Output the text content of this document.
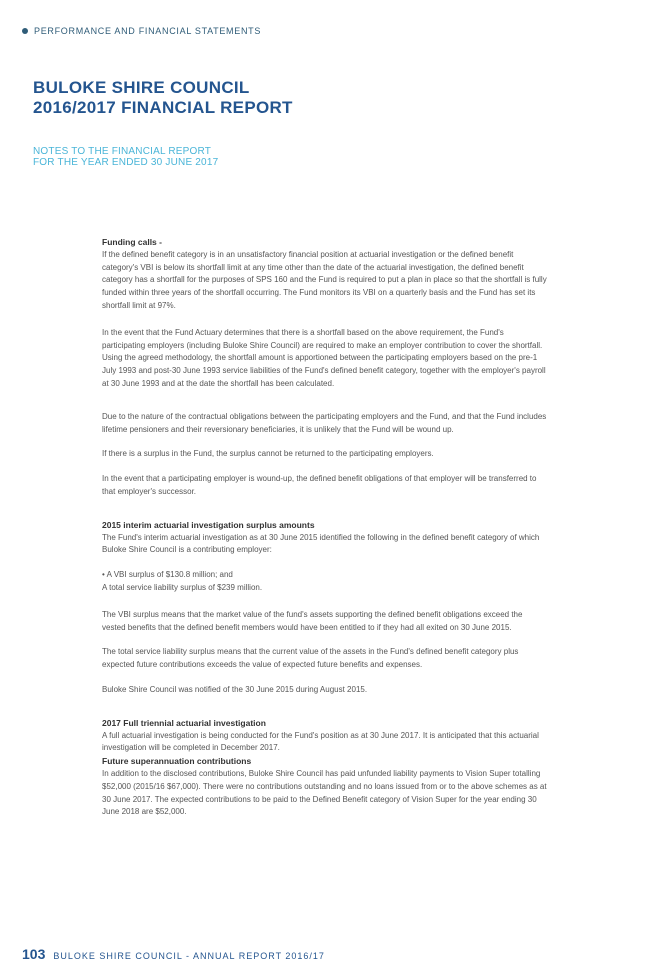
PERFORMANCE AND FINANCIAL STATEMENTS
BULOKE SHIRE COUNCIL
2016/2017 FINANCIAL REPORT
NOTES TO THE FINANCIAL REPORT
FOR THE YEAR ENDED 30 JUNE 2017
Funding calls -

If the defined benefit category is in an unsatisfactory financial position at actuarial investigation or the defined benefit category's VBI is below its shortfall limit at any time other than the date of the actuarial investigation, the defined benefit category has a shortfall for the purposes of SPS 160 and the Fund is required to put a plan in place so that the shortfall is fully funded within three years of the shortfall occurring. The Fund monitors its VBI on a quarterly basis and the Fund has set its shortfall limit at 97%.

In the event that the Fund Actuary determines that there is a shortfall based on the above requirement, the Fund's participating employers (including Buloke Shire Council) are required to make an employer contribution to cover the shortfall.

Using the agreed methodology, the shortfall amount is apportioned between the participating employers based on the pre-1 July 1993 and post-30 June 1993 service liabilities of the Fund's defined benefit category, together with the employer's payroll at 30 June 1993 and at the date the shortfall has been calculated.

Due to the nature of the contractual obligations between the participating employers and the Fund, and that the Fund includes lifetime pensioners and their reversionary beneficiaries, it is unlikely that the Fund will be wound up.

If there is a surplus in the Fund, the surplus cannot be returned to the participating employers.

In the event that a participating employer is wound-up, the defined benefit obligations of that employer will be transferred to that employer's successor.

2015 interim actuarial investigation surplus amounts

The Fund's interim actuarial investigation as at 30 June 2015 identified the following in the defined benefit category of which Buloke Shire Council is a contributing employer:

• A VBI surplus of $130.8 million; and

A total service liability surplus of $239 million.

The VBI surplus means that the market value of the fund's assets supporting the defined benefit obligations exceed the vested benefits that the defined benefit members would have been entitled to if they had all exited on 30 June 2015.

The total service liability surplus means that the current value of the assets in the Fund's defined benefit category plus expected future contributions exceeds the value of expected future benefits and expenses.

Buloke Shire Council was notified of the 30 June 2015 during August 2015.

2017 Full triennial actuarial investigation

A full actuarial investigation is being conducted for the Fund's position as at 30 June 2017. It is anticipated that this actuarial investigation will be completed in December 2017.

Future superannuation contributions

In addition to the disclosed contributions, Buloke Shire Council has paid unfunded liability payments to Vision Super totalling $52,000 (2015/16 $67,000). There were no contributions outstanding and no loans issued from or to the above schemes as at 30 June 2017. The expected contributions to be paid to the Defined Benefit category of Vision Super for the year ending 30 June 2018 are $52,000.

103 BULOKE SHIRE COUNCIL - ANNUAL REPORT 2016/17
